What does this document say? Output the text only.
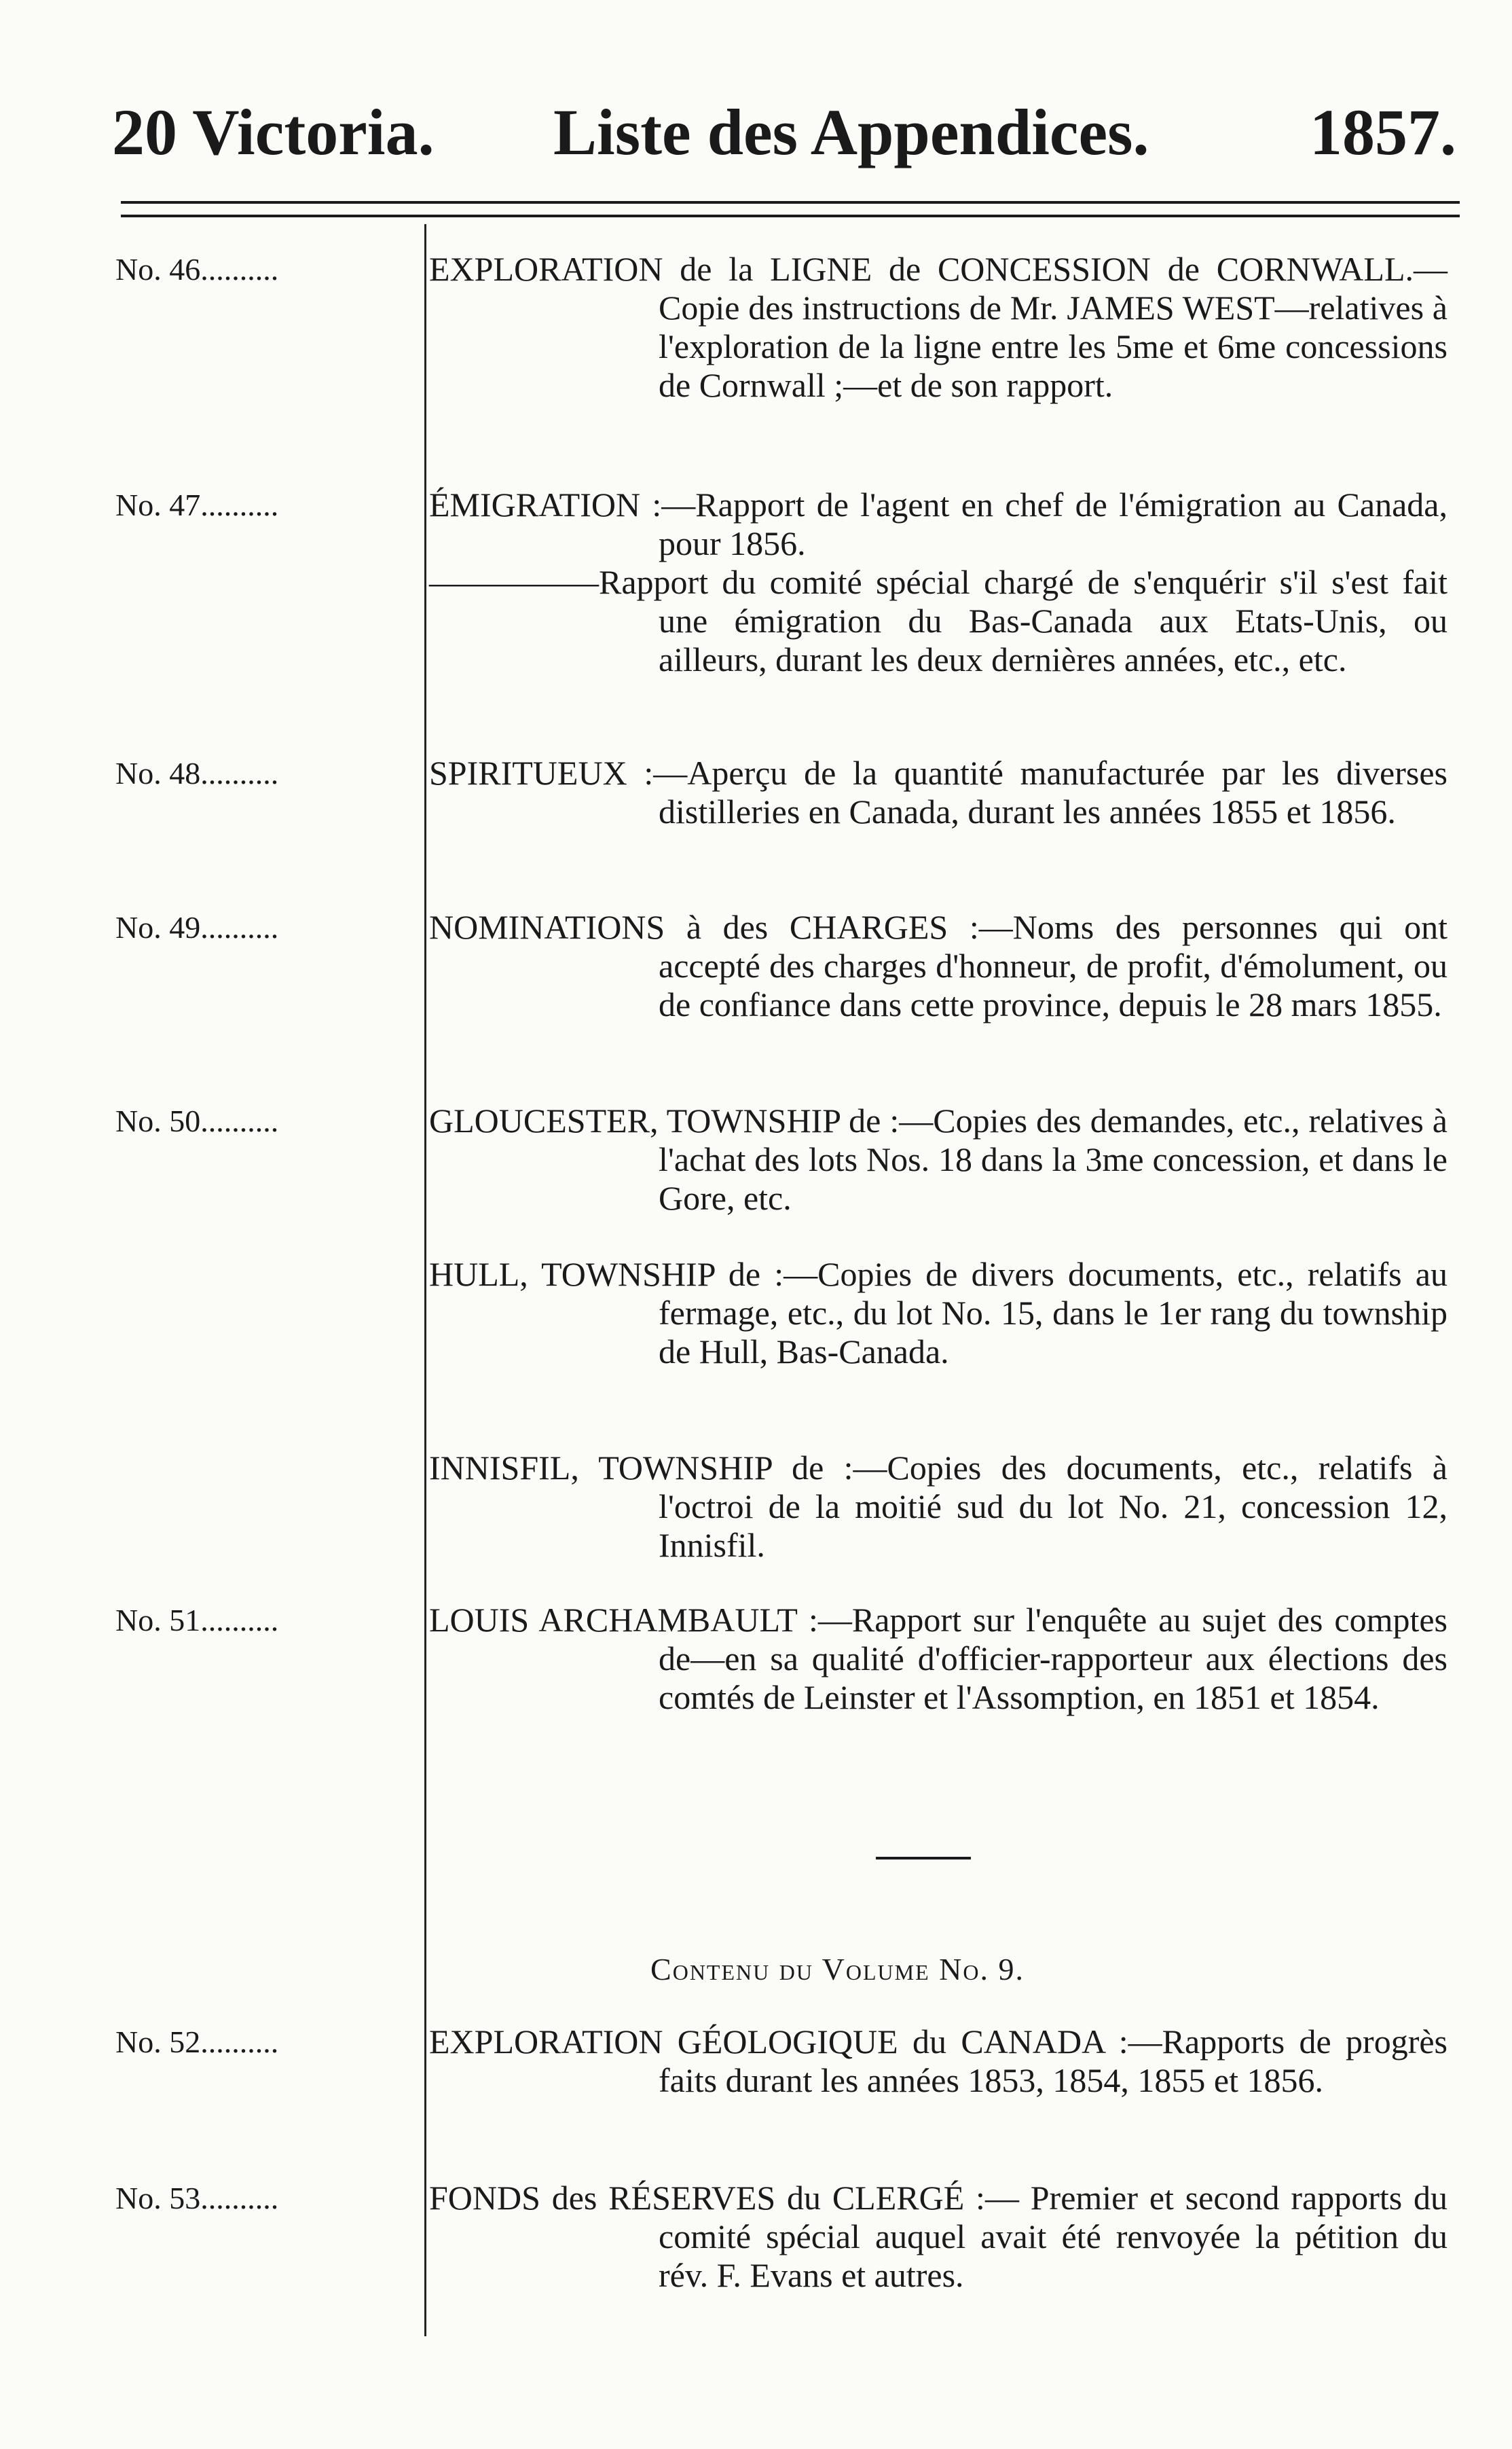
20 Victoria. Liste des Appendices. 1857.
No. 46..........	EXPLORATION de la LIGNE de CONCESSION de CORNWALL.—Copie des instructions de Mr. JAMES WEST—relatives à l'exploration de la ligne entre les 5me et 6me concessions de Cornwall ;—et de son rapport.

No. 47..........	ÉMIGRATION :—Rapport de l'agent en chef de l'émigration au Canada, pour 1856.

—————Rapport du comité spécial chargé de s'enquérir s'il s'est fait une émigration du Bas-Canada aux Etats-Unis, ou ailleurs, durant les deux dernières années, etc., etc.

No. 48..........	SPIRITUEUX :—Aperçu de la quantité manufacturée par les diverses distilleries en Canada, durant les années 1855 et 1856.

No. 49..........	NOMINATIONS à des CHARGES :—Noms des personnes qui ont accepté des charges d'honneur, de profit, d'émolument, ou de confiance dans cette province, depuis le 28 mars 1855.

No. 50..........	GLOUCESTER, TOWNSHIP de :—Copies des demandes, etc., relatives à l'achat des lots Nos. 18 dans la 3me concession, et dans le Gore, etc.

HULL, TOWNSHIP de :—Copies de divers documents, etc., relatifs au fermage, etc., du lot No. 15, dans le 1er rang du township de Hull, Bas-Canada.

INNISFIL, TOWNSHIP de :—Copies des documents, etc., relatifs à l'octroi de la moitié sud du lot No. 21, concession 12, Innisfil.

No. 51..........	LOUIS ARCHAMBAULT :—Rapport sur l'enquête au sujet des comptes de—en sa qualité d'officier-rapporteur aux élections des comtés de Leinster et l'Assomption, en 1851 et 1854.

Contenu du Volume No. 9.
No. 52..........	EXPLORATION GÉOLOGIQUE du CANADA :—Rapports de progrès faits durant les années 1853, 1854, 1855 et 1856.

No. 53..........	FONDS des RÉSERVES du CLERGÉ :— Premier et second rapports du comité spécial auquel avait été renvoyée la pétition du rév. F. Evans et autres.
